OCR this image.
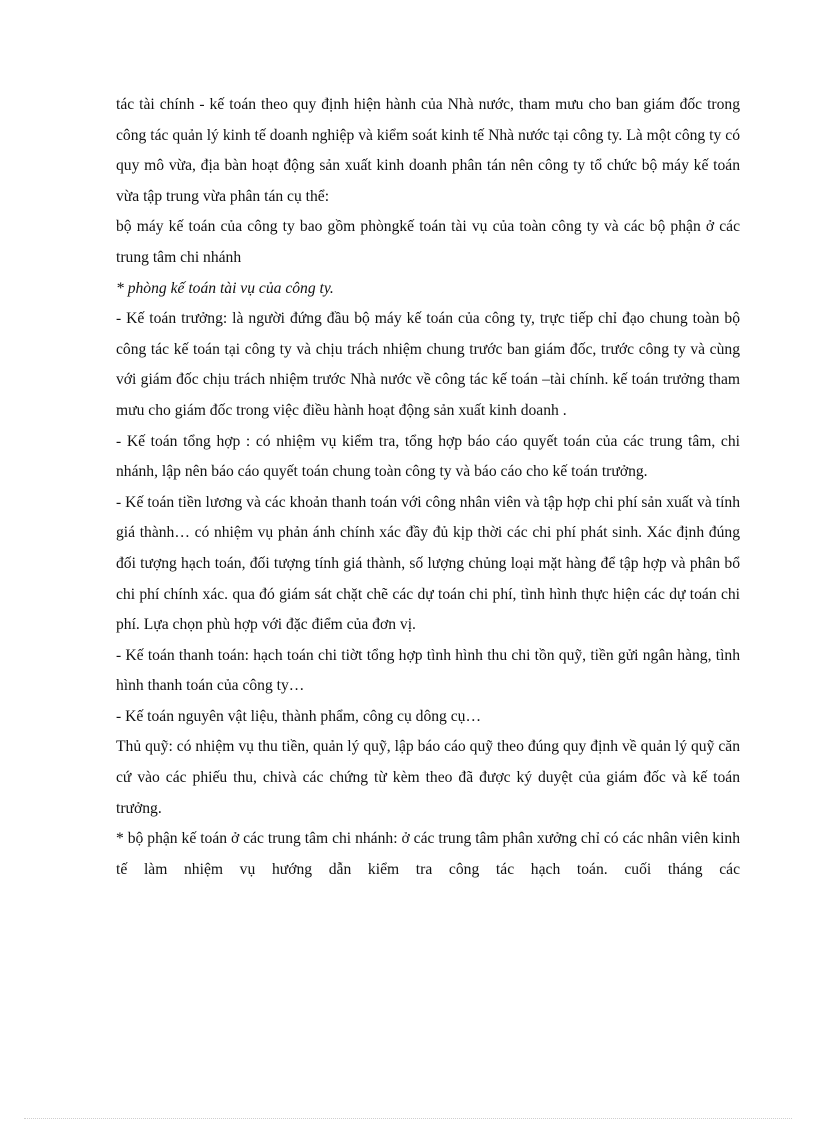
tác tài chính - kế toán theo quy định hiện hành của Nhà nước, tham mưu cho ban giám đốc trong công tác quản lý kinh tế doanh nghiệp và kiểm soát kinh tế Nhà nước tại công ty. Là một công ty có quy mô vừa, địa bàn hoạt động sản xuất kinh doanh phân tán nên công ty tổ chức bộ máy kế toán vừa tập trung vừa phân tán cụ thể:

bộ máy kế toán của công ty bao gồm phòngkế toán tài vụ của toàn công ty và các bộ phận ở các trung tâm chi nhánh

* phòng kế toán tài vụ của công ty.

- Kế toán trưởng: là người đứng đầu bộ máy kế toán của công ty, trực tiếp chỉ đạo chung toàn bộ công tác kế toán tại công ty và chịu trách nhiệm chung trước ban giám đốc, trước công ty và cùng với giám đốc chịu trách nhiệm trước Nhà nước về công tác kế toán –tài chính. kế toán trưởng tham mưu cho giám đốc trong việc điều hành hoạt động sản xuất kinh doanh .

- Kế toán tổng hợp : có nhiệm vụ kiểm tra, tổng hợp báo cáo quyết toán của các trung tâm, chi nhánh, lập nên báo cáo quyết toán chung toàn công ty và báo cáo cho kế toán trưởng.

- Kế toán tiền lương và các khoản thanh toán với công nhân viên và tập hợp chi phí sản xuất và tính giá thành… có nhiệm vụ phản ánh chính xác đầy đủ kịp thời các chi phí phát sinh. Xác định đúng đối tượng hạch toán, đối tượng tính giá thành, số lượng chủng loại mặt hàng để tập hợp và phân bổ chi phí chính xác. qua đó giám sát chặt chẽ các dự toán chi phí, tình hình thực hiện các dự toán chi phí. Lựa chọn phù hợp với đặc điểm của đơn vị.

- Kế toán thanh toán: hạch toán chi tiờt tổng hợp tình hình thu chi tồn quỹ, tiền gửi ngân hàng, tình hình thanh toán của công ty…

- Kế toán nguyên vật liệu, thành phẩm, công cụ dông cụ…

Thủ quỹ: có nhiệm vụ thu tiền, quản lý quỹ, lập báo cáo quỹ theo đúng quy định về quản lý quỹ căn cứ vào các phiếu thu, chivà các chứng từ kèm theo đã được ký duyệt của giám đốc và kế toán trưởng.

* bộ phận kế toán ở các trung tâm chi nhánh: ở các trung tâm phân xưởng chỉ có các nhân viên kinh tế làm nhiệm vụ hướng dẫn kiểm tra công tác hạch toán. cuối tháng các
